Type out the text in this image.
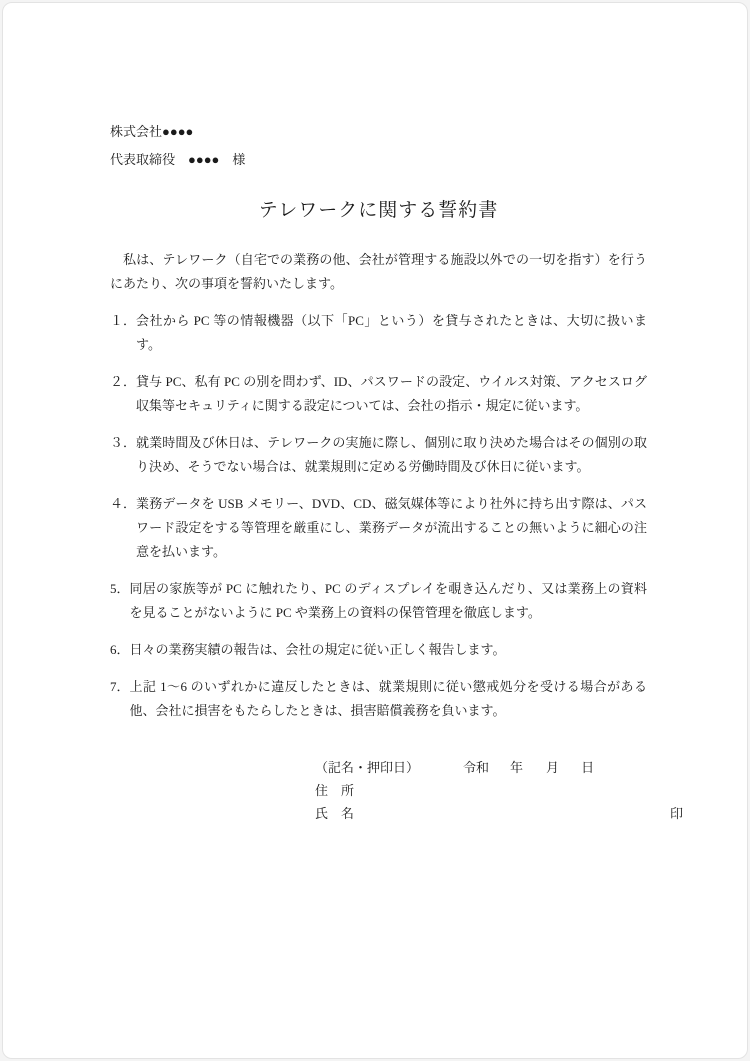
株式会社●●●●
代表取締役　●●●●　様
テレワークに関する誓約書

私は、テレワーク（自宅での業務の他、会社が管理する施設以外での一切を指す）を行うにあたり、次の事項を誓約いたします。

１． 会社から PC 等の情報機器（以下「PC」という）を貸与されたときは、大切に扱います。
２． 貸与 PC、私有 PC の別を問わず、ID、パスワードの設定、ウイルス対策、アクセスログ収集等セキュリティに関する設定については、会社の指示・規定に従います。
３． 就業時間及び休日は、テレワークの実施に際し、個別に取り決めた場合はその個別の取り決め、そうでない場合は、就業規則に定める労働時間及び休日に従います。
４． 業務データを USB メモリー、DVD、CD、磁気媒体等により社外に持ち出す際は、パスワード設定をする等管理を厳重にし、業務データが流出することの無いように細心の注意を払います。
5． 同居の家族等が PC に触れたり、PC のディスプレイを覗き込んだり、又は業務上の資料を見ることがないように PC や業務上の資料の保管管理を徹底します。
6． 日々の業務実績の報告は、会社の規定に従い正しく報告します。
7． 上記 1～6 のいずれかに違反したときは、就業規則に従い懲戒処分を受ける場合がある他、会社に損害をもたらしたときは、損害賠償義務を負います。
（記名・押印日）	令和 年 月 日
住　所
氏　名	印
